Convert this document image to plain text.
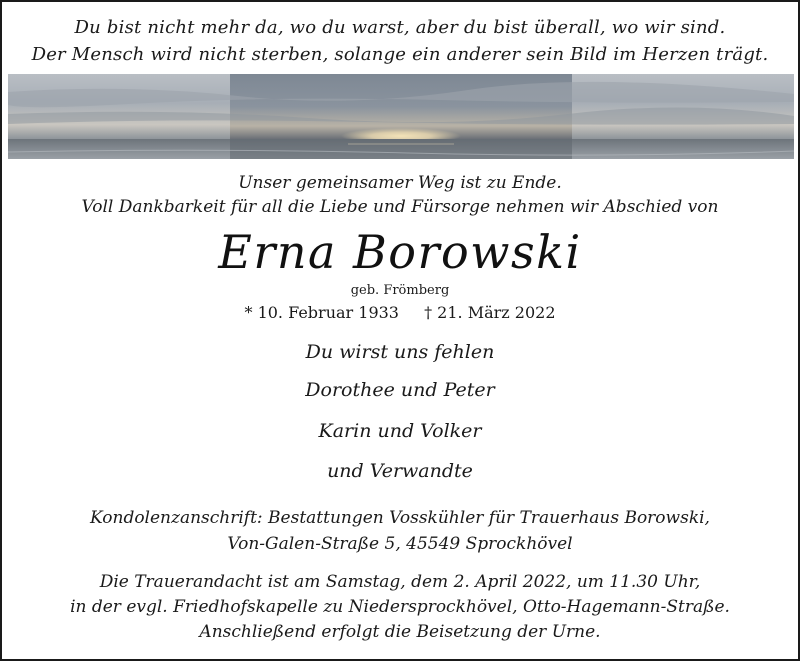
Du bist nicht mehr da, wo du warst, aber du bist überall, wo wir sind.
Der Mensch wird nicht sterben, solange ein anderer sein Bild im Herzen trägt.
Unser gemeinsamer Weg ist zu Ende.
Voll Dankbarkeit für all die Liebe und Fürsorge nehmen wir Abschied von
Erna Borowski
geb. Frömberg
* 10. Februar 1933 † 21. März 2022
Du wirst uns fehlen
Dorothee und Peter
Karin und Volker
und Verwandte
Kondolenzanschrift: Bestattungen Vosskühler für Trauerhaus Borowski,
Von-Galen-Straße 5, 45549 Sprockhövel
Die Trauerandacht ist am Samstag, dem 2. April 2022, um 11.30 Uhr,
in der evgl. Friedhofskapelle zu Niedersprockhövel, Otto-Hagemann-Straße.
Anschließend erfolgt die Beisetzung der Urne.
